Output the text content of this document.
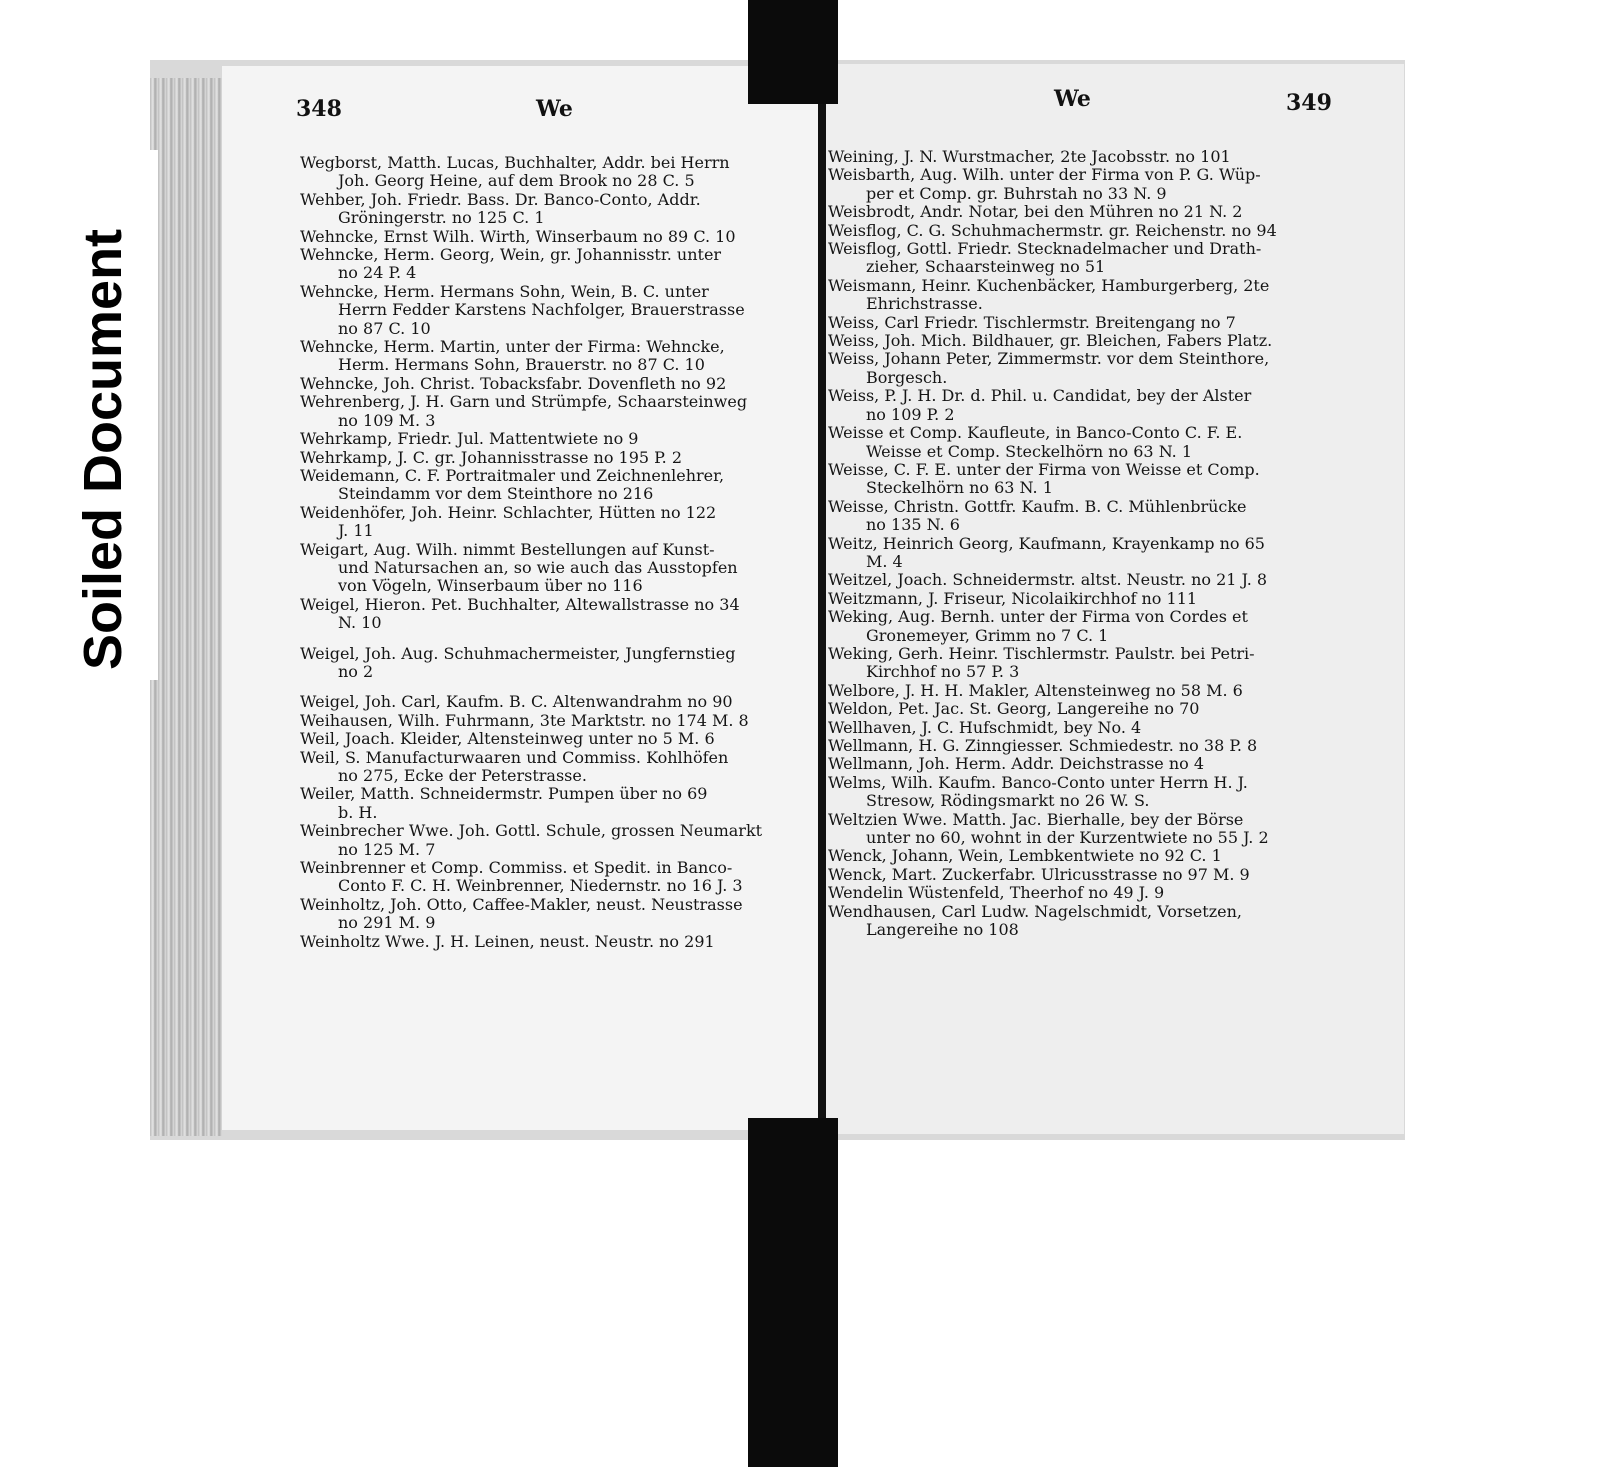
Soiled Document
348	We	We	349
Wegborst, Matth. Lucas, Buchhalter, Addr. bei Herrn
Joh. Georg Heine, auf dem Brook no 28 C. 5
Wehber, Joh. Friedr. Bass. Dr. Banco-Conto, Addr.
Gröningerstr. no 125 C. 1
Wehncke, Ernst Wilh. Wirth, Winserbaum no 89 C. 10
Wehncke, Herm. Georg, Wein, gr. Johannisstr. unter
no 24 P. 4
Wehncke, Herm. Hermans Sohn, Wein, B. C. unter
Herrn Fedder Karstens Nachfolger, Brauerstrasse
no 87 C. 10
Wehncke, Herm. Martin, unter der Firma: Wehncke,
Herm. Hermans Sohn, Brauerstr. no 87 C. 10
Wehncke, Joh. Christ. Tobacksfabr. Dovenfleth no 92
Wehrenberg, J. H. Garn und Strümpfe, Schaarsteinweg
no 109 M. 3
Wehrkamp, Friedr. Jul. Mattentwiete no 9
Wehrkamp, J. C. gr. Johannisstrasse no 195 P. 2
Weidemann, C. F. Portraitmaler und Zeichnenlehrer,
Steindamm vor dem Steinthore no 216
Weidenhöfer, Joh. Heinr. Schlachter, Hütten no 122
J. 11
Weigart, Aug. Wilh. nimmt Bestellungen auf Kunst-
und Natursachen an, so wie auch das Ausstopfen
von Vögeln, Winserbaum über no 116
Weigel, Hieron. Pet. Buchhalter, Altewallstrasse no 34
N. 10
Weigel, Joh. Aug. Schuhmachermeister, Jungfernstieg
no 2
Weigel, Joh. Carl, Kaufm. B. C. Altenwandrahm no 90
Weihausen, Wilh. Fuhrmann, 3te Marktstr. no 174 M. 8
Weil, Joach. Kleider, Altensteinweg unter no 5 M. 6
Weil, S. Manufacturwaaren und Commiss. Kohlhöfen
no 275, Ecke der Peterstrasse.
Weiler, Matth. Schneidermstr. Pumpen über no 69
b. H.
Weinbrecher Wwe. Joh. Gottl. Schule, grossen Neumarkt
no 125 M. 7
Weinbrenner et Comp. Commiss. et Spedit. in Banco-
Conto F. C. H. Weinbrenner, Niedernstr. no 16 J. 3
Weinholtz, Joh. Otto, Caffee-Makler, neust. Neustrasse
no 291 M. 9
Weinholtz Wwe. J. H. Leinen, neust. Neustr. no 291
Weining, J. N. Wurstmacher, 2te Jacobsstr. no 101
Weisbarth, Aug. Wilh. unter der Firma von P. G. Wüp-
per et Comp. gr. Buhrstah no 33 N. 9
Weisbrodt, Andr. Notar, bei den Mühren no 21 N. 2
Weisflog, C. G. Schuhmachermstr. gr. Reichenstr. no 94
Weisflog, Gottl. Friedr. Stecknadelmacher und Drath-
zieher, Schaarsteinweg no 51
Weismann, Heinr. Kuchenbäcker, Hamburgerberg, 2te
Ehrichstrasse.
Weiss, Carl Friedr. Tischlermstr. Breitengang no 7
Weiss, Joh. Mich. Bildhauer, gr. Bleichen, Fabers Platz.
Weiss, Johann Peter, Zimmermstr. vor dem Steinthore,
Borgesch.
Weiss, P. J. H. Dr. d. Phil. u. Candidat, bey der Alster
no 109 P. 2
Weisse et Comp. Kaufleute, in Banco-Conto C. F. E.
Weisse et Comp. Steckelhörn no 63 N. 1
Weisse, C. F. E. unter der Firma von Weisse et Comp.
Steckelhörn no 63 N. 1
Weisse, Christn. Gottfr. Kaufm. B. C. Mühlenbrücke
no 135 N. 6
Weitz, Heinrich Georg, Kaufmann, Krayenkamp no 65
M. 4
Weitzel, Joach. Schneidermstr. altst. Neustr. no 21 J. 8
Weitzmann, J. Friseur, Nicolaikirchhof no 111
Weking, Aug. Bernh. unter der Firma von Cordes et
Gronemeyer, Grimm no 7 C. 1
Weking, Gerh. Heinr. Tischlermstr. Paulstr. bei Petri-
Kirchhof no 57 P. 3
Welbore, J. H. H. Makler, Altensteinweg no 58 M. 6
Weldon, Pet. Jac. St. Georg, Langereihe no 70
Wellhaven, J. C. Hufschmidt, bey No. 4
Wellmann, H. G. Zinngiesser. Schmiedestr. no 38 P. 8
Wellmann, Joh. Herm. Addr. Deichstrasse no 4
Welms, Wilh. Kaufm. Banco-Conto unter Herrn H. J.
Stresow, Rödingsmarkt no 26 W. S.
Weltzien Wwe. Matth. Jac. Bierhalle, bey der Börse
unter no 60, wohnt in der Kurzentwiete no 55 J. 2
Wenck, Johann, Wein, Lembkentwiete no 92 C. 1
Wenck, Mart. Zuckerfabr. Ulricusstrasse no 97 M. 9
Wendelin Wüstenfeld, Theerhof no 49 J. 9
Wendhausen, Carl Ludw. Nagelschmidt, Vorsetzen,
Langereihe no 108
